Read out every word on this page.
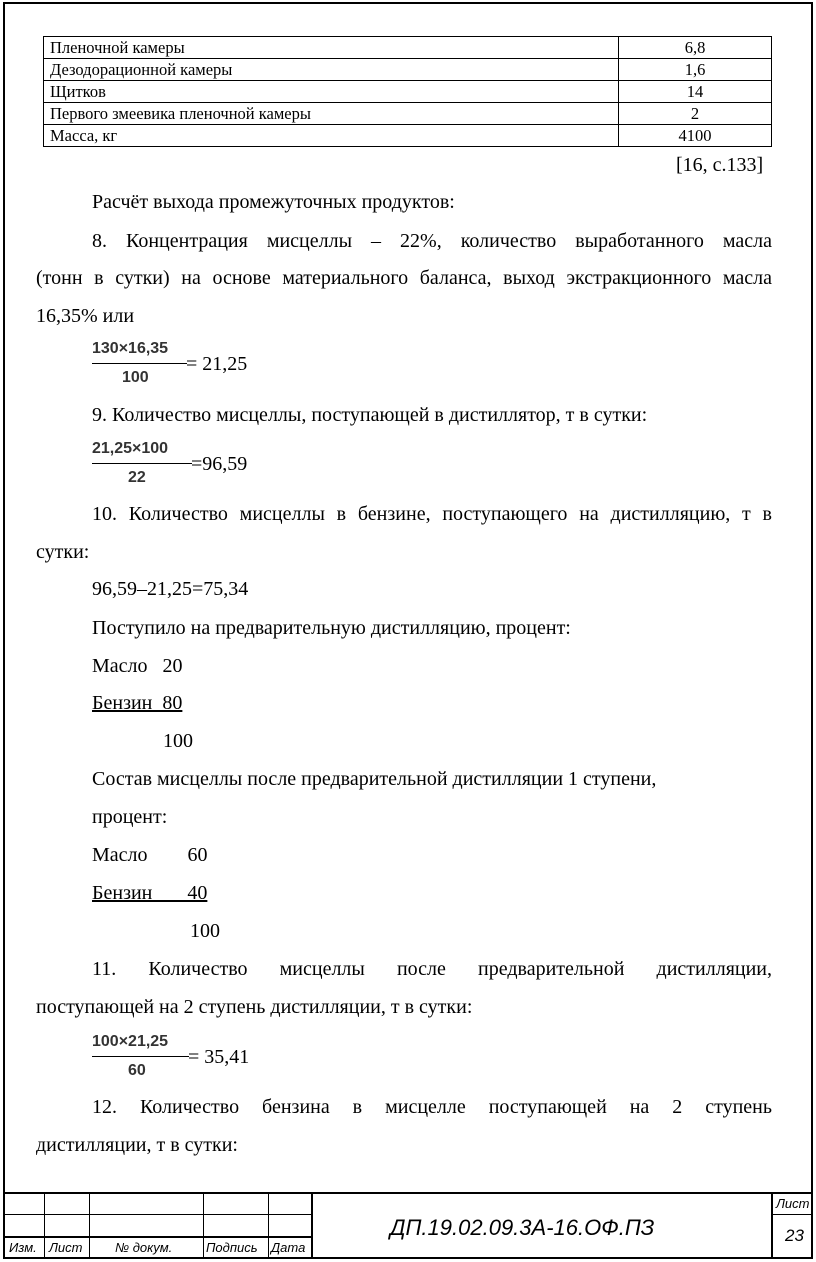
Пленочной камеры	6,8
Дезодорационной камеры	1,6
Щитков	14
Первого змеевика пленочной камеры	2
Масса, кг	4100
[16, с.133]
Расчёт выхода промежуточных продуктов:
8. Концентрация мисцеллы – 22%, количество выработанного масла
(тонн в сутки) на основе материального баланса, выход экстракционного масла
16,35% или
130×16,35
100
= 21,25
9. Количество мисцеллы, поступающей в дистиллятор, т в сутки:
21,25×100
22
=96,59
10. Количество мисцеллы в бензине, поступающего на дистилляцию, т в
сутки:
96,59–21,25=75,34
Поступило на предварительную дистилляцию, процент:
Масло   20
Бензин  80
100
Состав мисцеллы после предварительной дистилляции 1 ступени,
процент:
Масло        60
Бензин       40
100
11. Количество мисцеллы после предварительной дистилляции,
поступающей на 2 ступень дистилляции, т в сутки:
100×21,25
60
= 35,41
12. Количество бензина в мисцелле поступающей на 2 ступень
дистилляции, т в сутки:
Изм. Лист	№ докум.	Подпись Дата
Лист
23
ДП.19.02.09.3А-16.ОФ.ПЗ
